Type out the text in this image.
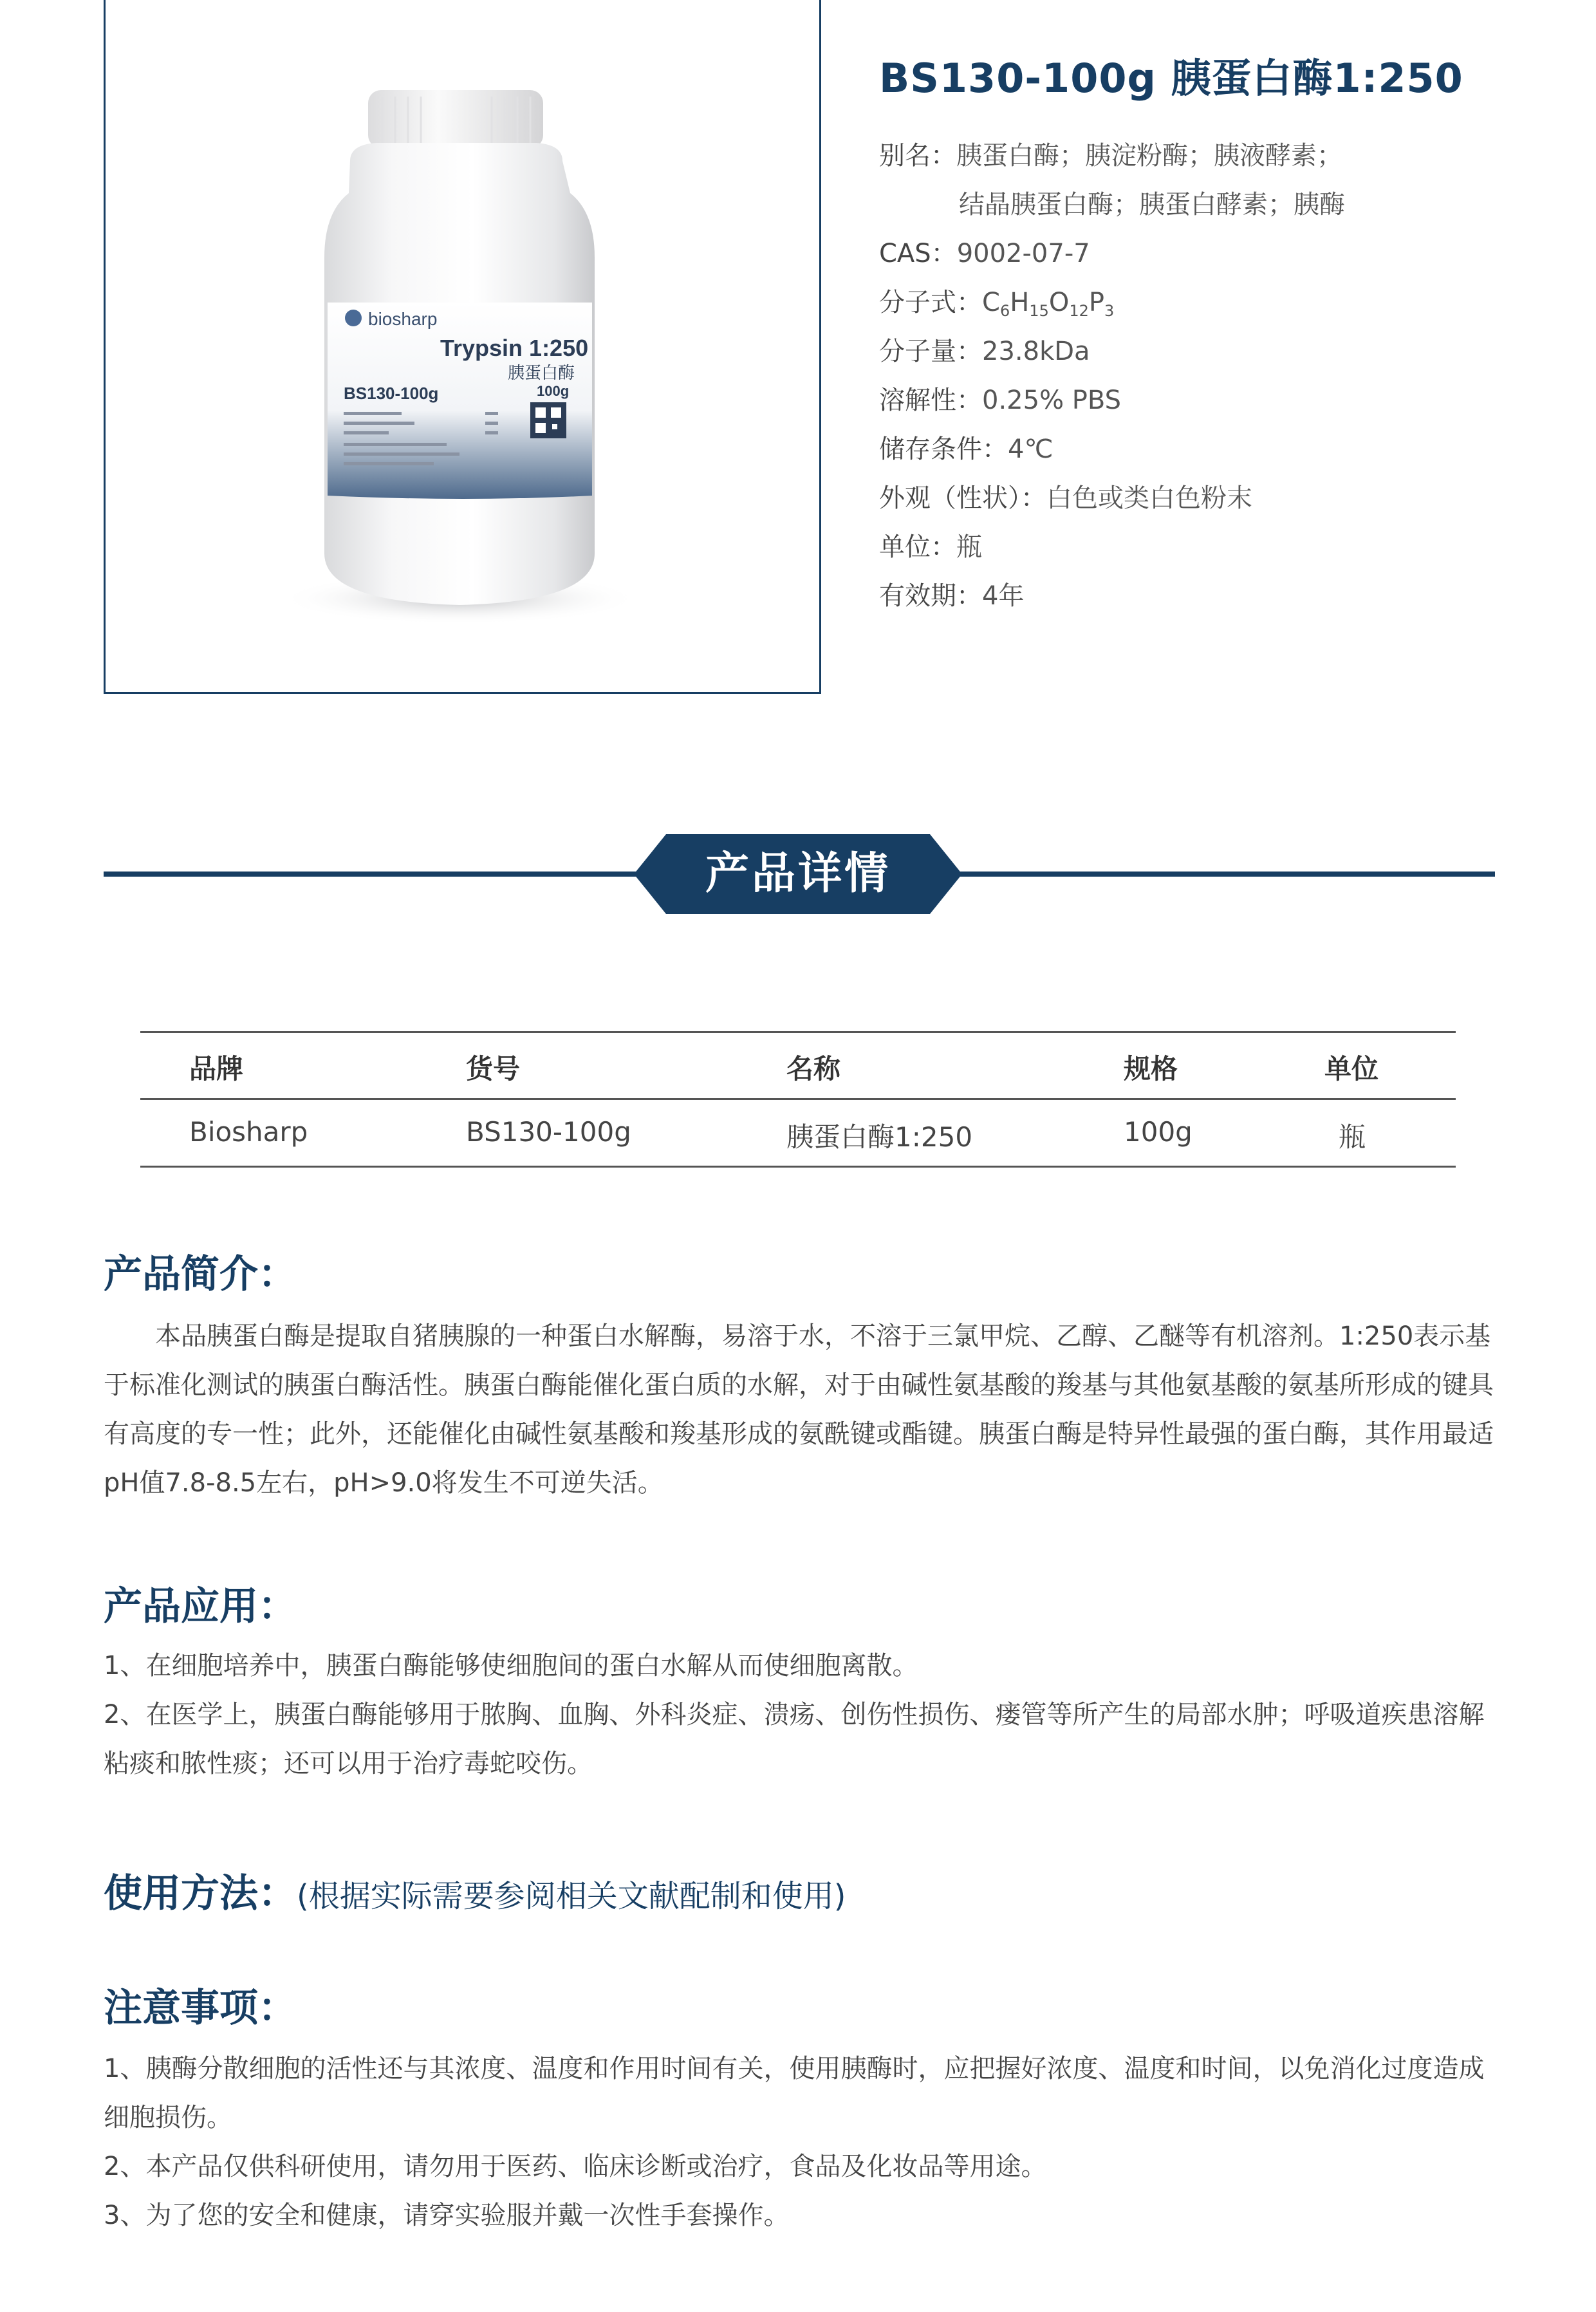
biosharp
Trypsin 1:250
胰蛋白酶
BS130-100g	100g
BS130-100g 胰蛋白酶1:250
别名：胰蛋白酶；胰淀粉酶；胰液酵素；
结晶胰蛋白酶；胰蛋白酵素；胰酶
CAS：9002-07-7
分子式：$C_6H_{15}O_{12}P_3$
分子量：23.8kDa
溶解性：0.25% PBS
储存条件：4℃
外观（性状）：白色或类白色粉末
单位：瓶
有效期：4年
产品详情
品牌	货号	名称	规格	单位
Biosharp	BS130-100g	胰蛋白酶1:250	100g	瓶
产品简介：

本品胰蛋白酶是提取自猪胰腺的一种蛋白水解酶，易溶于水，不溶于三氯甲烷、乙醇、乙醚等有机溶剂。1:250表示基于标准化测试的胰蛋白酶活性。胰蛋白酶能催化蛋白质的水解，对于由碱性氨基酸的羧基与其他氨基酸的氨基所形成的键具有高度的专一性；此外，还能催化由碱性氨基酸和羧基形成的氨酰键或酯键。胰蛋白酶是特异性最强的蛋白酶，其作用最适pH值7.8-8.5左右，pH>9.0将发生不可逆失活。

产品应用：

1、在细胞培养中，胰蛋白酶能够使细胞间的蛋白水解从而使细胞离散。

2、在医学上，胰蛋白酶能够用于脓胸、血胸、外科炎症、溃疡、创伤性损伤、瘘管等所产生的局部水肿；呼吸道疾患溶解粘痰和脓性痰；还可以用于治疗毒蛇咬伤。

使用方法：(根据实际需要参阅相关文献配制和使用)
注意事项：

1、胰酶分散细胞的活性还与其浓度、温度和作用时间有关，使用胰酶时，应把握好浓度、温度和时间，以免消化过度造成细胞损伤。

2、本产品仅供科研使用，请勿用于医药、临床诊断或治疗，食品及化妆品等用途。

3、为了您的安全和健康，请穿实验服并戴一次性手套操作。
